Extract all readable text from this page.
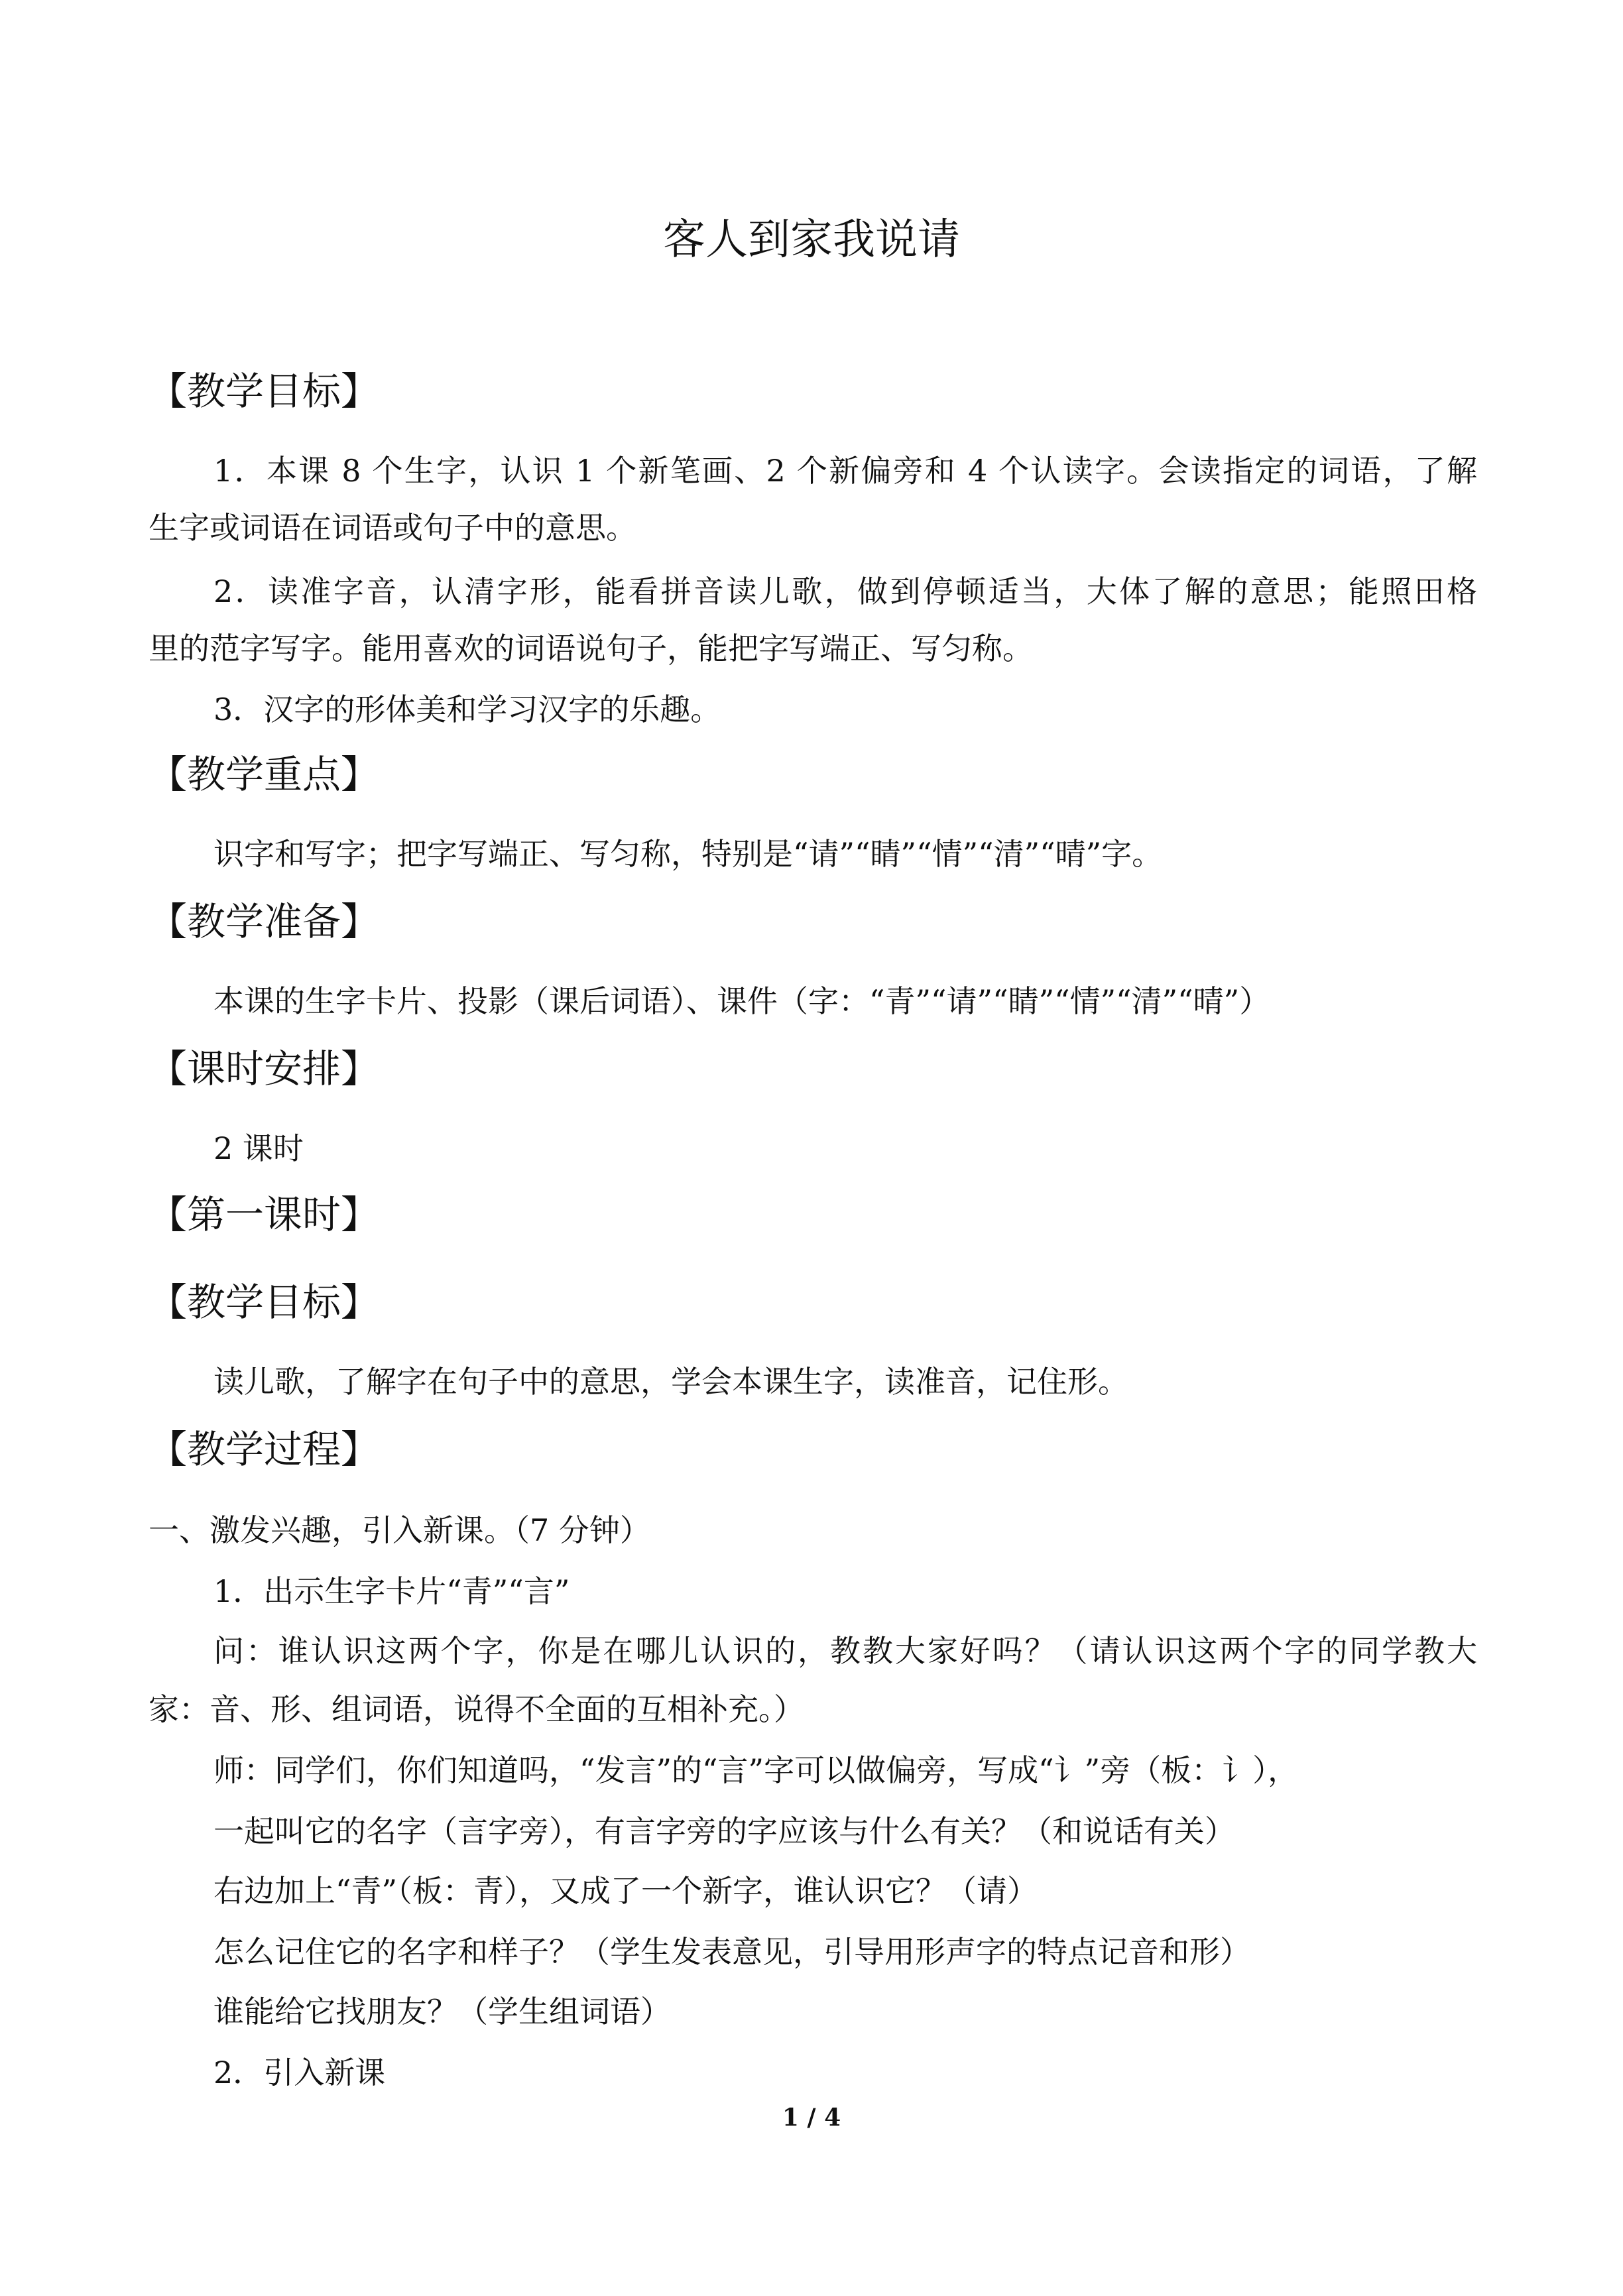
客人到家我说请
【教学目标】
1．本课 8 个生字，认识 1 个新笔画、2 个新偏旁和 4 个认读字。会读指定的词语，了解
生字或词语在词语或句子中的意思。
2．读准字音，认清字形，能看拼音读儿歌，做到停顿适当，大体了解的意思；能照田格
里的范字写字。能用喜欢的词语说句子，能把字写端正、写匀称。
3．汉字的形体美和学习汉字的乐趣。
【教学重点】
识字和写字；把字写端正、写匀称，特别是“请”“睛”“情”“清”“晴”字。
【教学准备】
本课的生字卡片、投影（课后词语）、课件（字：“青”“请”“睛”“情”“清”“晴”）
【课时安排】
2 课时
【第一课时】
【教学目标】
读儿歌，了解字在句子中的意思，学会本课生字，读准音，记住形。
【教学过程】
一、激发兴趣，引入新课。（7 分钟）
1．出示生字卡片“青”“言”
问：谁认识这两个字，你是在哪儿认识的，教教大家好吗？（请认识这两个字的同学教大
家：音、形、组词语，说得不全面的互相补充。）
师：同学们，你们知道吗，“发言”的“言”字可以做偏旁，写成“讠”旁（板：讠），
一起叫它的名字（言字旁），有言字旁的字应该与什么有关？（和说话有关）
右边加上“青”（板：青），又成了一个新字，谁认识它？（请）
怎么记住它的名字和样子？（学生发表意见，引导用形声字的特点记音和形）
谁能给它找朋友？（学生组词语）
2．引入新课
1 / 4
